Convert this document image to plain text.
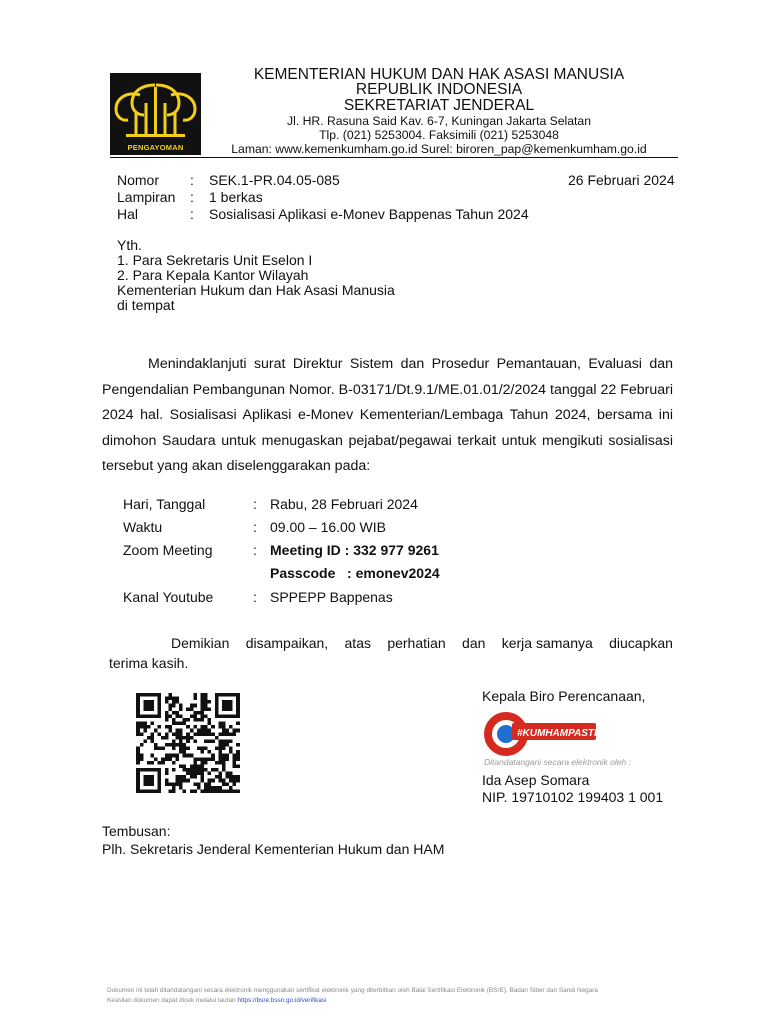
PENGAYOMAN
KEMENTERIAN HUKUM DAN HAK ASASI MANUSIA
REPUBLIK INDONESIA
SEKRETARIAT JENDERAL
Jl. HR. Rasuna Said Kav. 6-7, Kuningan Jakarta Selatan
Tlp. (021) 5253004. Faksimili (021) 5253048
Laman: www.kemenkumham.go.id Surel: biroren_pap@kemenkumham.go.id
Nomor : SEK.1-PR.04.05-085
Lampiran : 1 berkas
Hal	: Sosialisasi Aplikasi e-Monev Bappenas Tahun 2024
26 Februari 2024
Yth.
1. Para Sekretaris Unit Eselon I
2. Para Kepala Kantor Wilayah
Kementerian Hukum dan Hak Asasi Manusia
di tempat
Menindaklanjuti surat Direktur Sistem dan Prosedur Pemantauan, Evaluasi dan
Pengendalian Pembangunan Nomor. B-03171/Dt.9.1/ME.01.01/2/2024 tanggal 22 Februari
2024 hal. Sosialisasi Aplikasi e-Monev Kementerian/Lembaga Tahun 2024, bersama ini
dimohon Saudara untuk menugaskan pejabat/pegawai terkait untuk mengikuti sosialisasi
tersebut yang akan diselenggarakan pada:
Hari, Tanggal	: Rabu, 28 Februari 2024
Waktu	: 09.00 – 16.00 WIB
Zoom Meeting	: Meeting ID : 332 977 9261
Passcode   : emonev2024
Kanal Youtube	: SPPEPP Bappenas
Demikian disampaikan, atas perhatian dan kerja samanya diucapkan
terima kasih.
Kepala Biro Perencanaan,
#KUMHAMPASTI
Ditandatangani secara elektronik oleh :
Ida Asep Somara
NIP. 19710102 199403 1 001
Tembusan:
Plh. Sekretaris Jenderal Kementerian Hukum dan HAM
Dokumen ini telah ditandatangani secara elektronik menggunakan sertifikat elektronik yang diterbitkan oleh Balai Sertifikasi Elektronik (BSrE), Badan Siber dan Sandi Negara
Keaslian dokumen dapat dicek melalui tautan https://bsre.bssn.go.id/verifikasi
